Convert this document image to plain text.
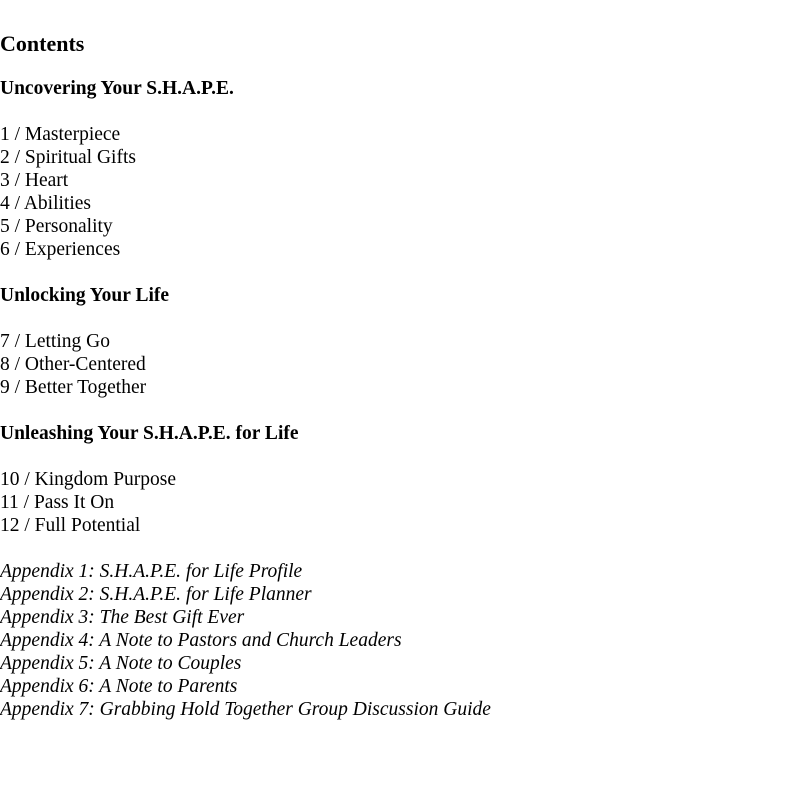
Contents
Uncovering Your S.H.A.P.E.
1 / Masterpiece
2 / Spiritual Gifts
3 / Heart
4 / Abilities
5 / Personality
6 / Experiences
Unlocking Your Life
7 / Letting Go
8 / Other-Centered
9 / Better Together
Unleashing Your S.H.A.P.E. for Life
10 / Kingdom Purpose
11 / Pass It On
12 / Full Potential
Appendix 1: S.H.A.P.E. for Life Profile
Appendix 2: S.H.A.P.E. for Life Planner
Appendix 3: The Best Gift Ever
Appendix 4: A Note to Pastors and Church Leaders
Appendix 5: A Note to Couples
Appendix 6: A Note to Parents
Appendix 7: Grabbing Hold Together Group Discussion Guide
